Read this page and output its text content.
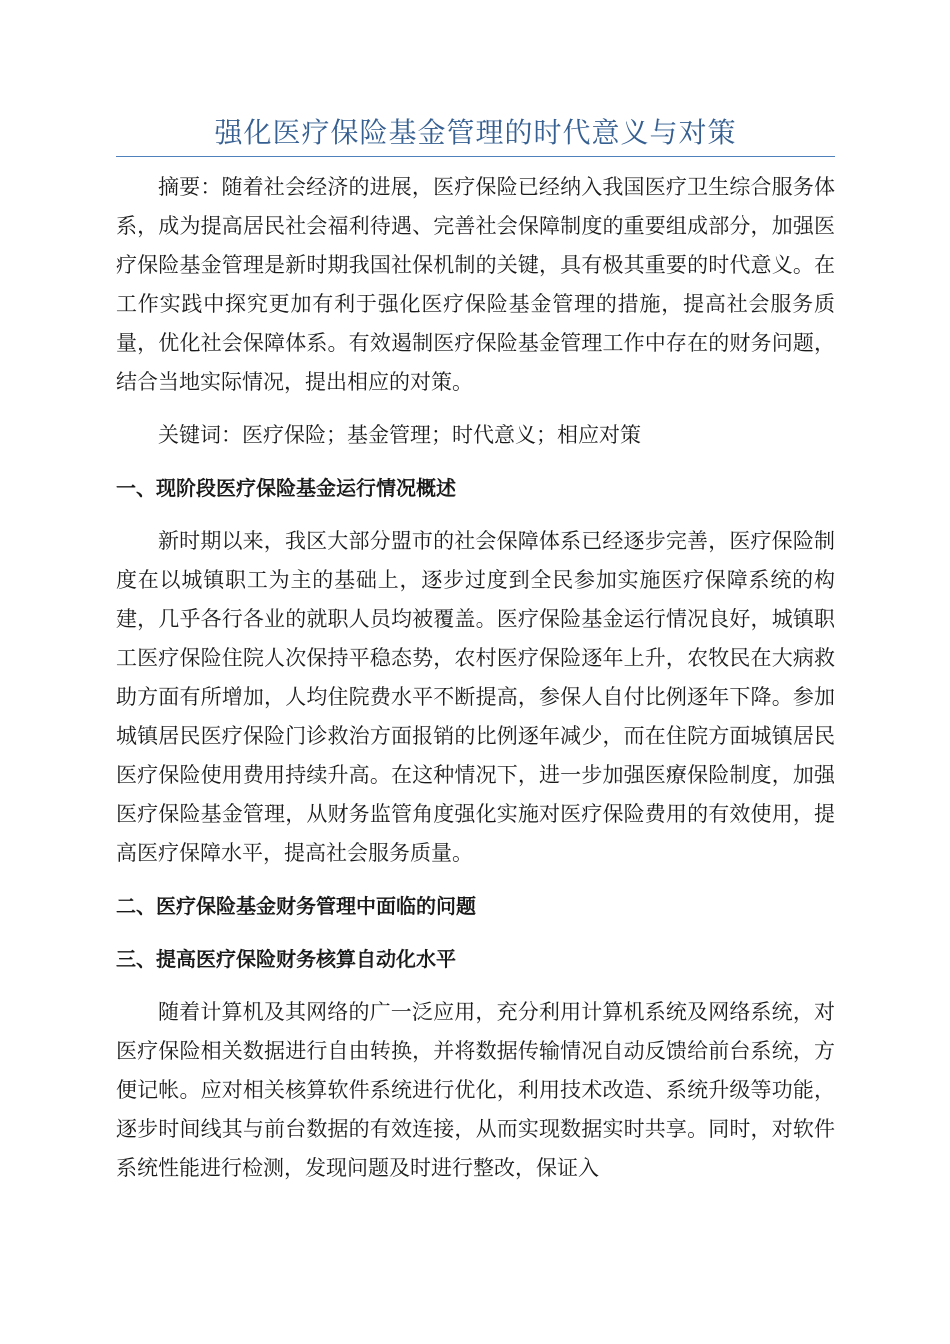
强化医疗保险基金管理的时代意义与对策

摘要：随着社会经济的进展，医疗保险已经纳入我国医疗卫生综合服务体系，成为提高居民社会福利待遇、完善社会保障制度的重要组成部分，加强医疗保险基金管理是新时期我国社保机制的关键，具有极其重要的时代意义。在工作实践中探究更加有利于强化医疗保险基金管理的措施，提高社会服务质量，优化社会保障体系。有效遏制医疗保险基金管理工作中存在的财务问题，结合当地实际情况，提出相应的对策。

关键词：医疗保险；基金管理；时代意义；相应对策
一、现阶段医疗保险基金运行情况概述

新时期以来，我区大部分盟市的社会保障体系已经逐步完善，医疗保险制度在以城镇职工为主的基础上，逐步过度到全民参加实施医疗保障系统的构建，几乎各行各业的就职人员均被覆盖。医疗保险基金运行情况良好，城镇职工医疗保险住院人次保持平稳态势，农村医疗保险逐年上升，农牧民在大病救助方面有所增加，人均住院费水平不断提高，参保人自付比例逐年下降。参加城镇居民医疗保险门诊救治方面报销的比例逐年减少，而在住院方面城镇居民医疗保险使用费用持续升高。在这种情况下，进一步加强医療保险制度，加强医疗保险基金管理，从财务监管角度强化实施对医疗保险费用的有效使用，提高医疗保障水平，提高社会服务质量。

二、医疗保险基金财务管理中面临的问题
三、提高医疗保险财务核算自动化水平

随着计算机及其网络的广一泛应用，充分利用计算机系统及网络系统，对医疗保险相关数据进行自由转换，并将数据传输情况自动反馈给前台系统，方便记帐。应对相关核算软件系统进行优化，利用技术改造、系统升级等功能，逐步时间线其与前台数据的有效连接，从而实现数据实时共享。同时，对软件系统性能进行检测，发现问题及时进行整改，保证入
